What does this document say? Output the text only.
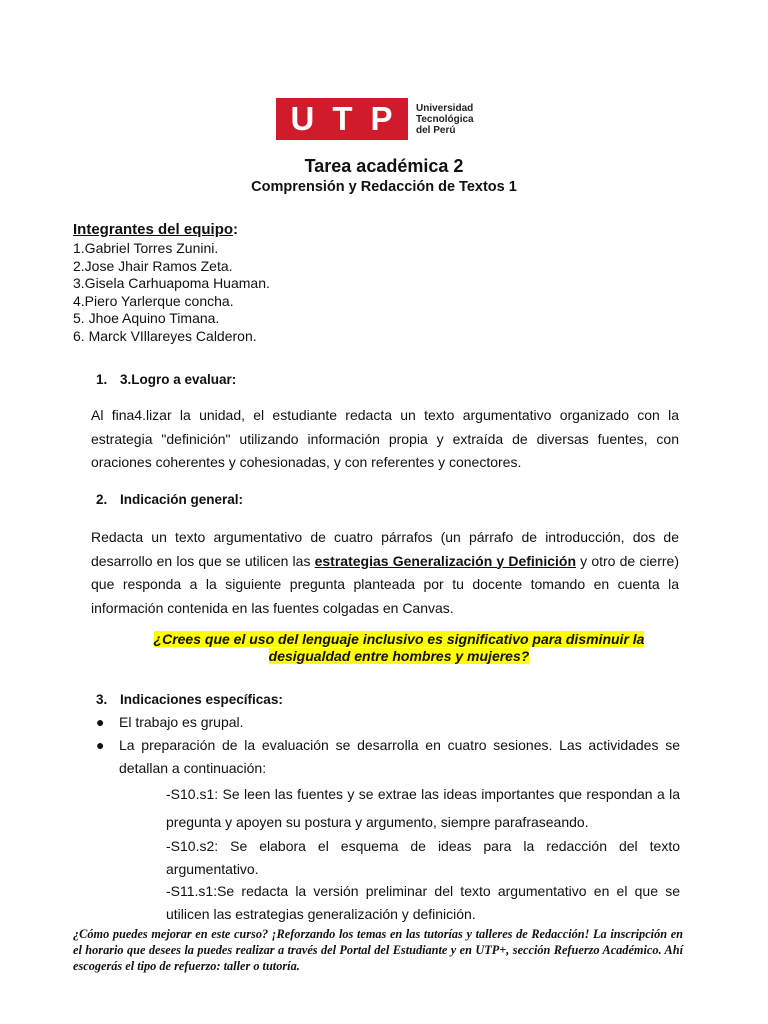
U T P Universidad
Tecnológica
del Perú
Tarea académica 2
Comprensión y Redacción de Textos 1
Integrantes del equipo:
1.Gabriel Torres Zunini.
2.Jose Jhair Ramos Zeta.
3.Gisela Carhuapoma Huaman.
4.Piero Yarlerque concha.
5. Jhoe Aquino Timana.
6. Marck VIllareyes Calderon.
1. 3.Logro a evaluar:
Al fina4.lizar la unidad, el estudiante redacta un texto argumentativo organizado con la estrategia "definición" utilizando información propia y extraída de diversas fuentes, con oraciones coherentes y cohesionadas, y con referentes y conectores.
2. Indicación general:
Redacta un texto argumentativo de cuatro párrafos (un párrafo de introducción, dos de desarrollo en los que se utilicen las estrategias Generalización y Definición y otro de cierre) que responda a la siguiente pregunta planteada por tu docente tomando en cuenta la información contenida en las fuentes colgadas en Canvas.
¿Crees que el uso del lenguaje inclusivo es significativo para disminuir la desigualdad entre hombres y mujeres?
3. Indicaciones específicas:
● El trabajo es grupal.
● La preparación de la evaluación se desarrolla en cuatro sesiones. Las actividades se detallan a continuación:
-S10.s1: Se leen las fuentes y se extrae las ideas importantes que respondan a la pregunta y apoyen su postura y argumento, siempre parafraseando.
-S10.s2: Se elabora el esquema de ideas para la redacción del texto argumentativo.
-S11.s1:Se redacta la versión preliminar del texto argumentativo en el que se utilicen las estrategias generalización y definición.
¿Cómo puedes mejorar en este curso? ¡Reforzando los temas en las tutorías y talleres de Redacción! La inscripción en el horario que desees la puedes realizar a través del Portal del Estudiante y en UTP+, sección Refuerzo Académico. Ahí escogerás el tipo de refuerzo: taller o tutoría.
